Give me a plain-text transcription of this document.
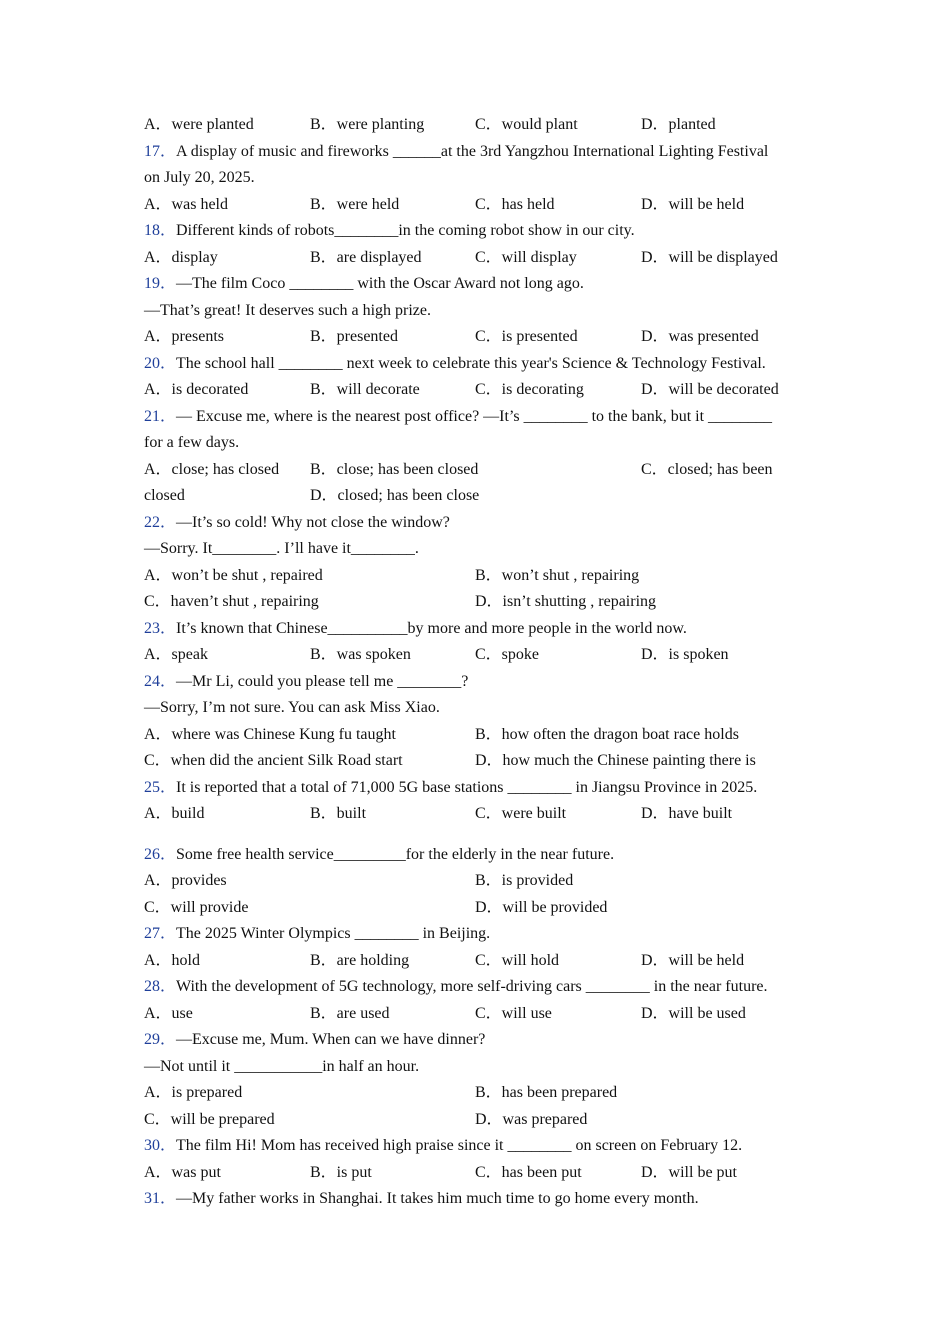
A．were planted	B．were planting	C．would plant	D．planted
17．A display of music and fireworks ______at the 3rd Yangzhou International Lighting Festival
on July 20, 2025.
A．was held	B．were held	C．has held	D．will be held
18．Different kinds of robots________in the coming robot show in our city.
A．display	B．are displayed	C．will display	D．will be displayed
19．—The film Coco ________ with the Oscar Award not long ago.
—That’s great! It deserves such a high prize.
A．presents	B．presented	C．is presented	D．was presented
20．The school hall ________ next week to celebrate this year's Science & Technology Festival.
A．is decorated	B．will decorate	C．is decorating	D．will be decorated
21．— Excuse me, where is the nearest post office? —It’s ________ to the bank, but it ________
for a few days.
A．close; has closed B．close; has been closed	C．closed; has been
closed	D．closed; has been close
22．—It’s so cold! Why not close the window?
—Sorry. It________. I’ll have it________.
A．won’t be shut , repaired	B．won’t shut , repairing
C．haven’t shut , repairing	D．isn’t shutting , repairing
23．It’s known that Chinese__________by more and more people in the world now.
A．speak	B．was spoken	C．spoke	D．is spoken
24．—Mr Li, could you please tell me ________?
—Sorry, I’m not sure. You can ask Miss Xiao.
A．where was Chinese Kung fu taught	B．how often the dragon boat race holds
C．when did the ancient Silk Road start	D．how much the Chinese painting there is
25．It is reported that a total of 71,000 5G base stations ________ in Jiangsu Province in 2025.
A．build	B．built	C．were built	D．have built
26．Some free health service_________for the elderly in the near future.
A．provides	B．is provided
C．will provide	D．will be provided
27．The 2025 Winter Olympics ________ in Beijing.
A．hold	B．are holding	C．will hold	D．will be held
28．With the development of 5G technology, more self-driving cars ________ in the near future.
A．use	B．are used	C．will use	D．will be used
29．—Excuse me, Mum. When can we have dinner?
—Not until it ___________in half an hour.
A．is prepared	B．has been prepared
C．will be prepared	D．was prepared
30．The film Hi! Mom has received high praise since it ________ on screen on February 12.
A．was put	B．is put	C．has been put	D．will be put
31．—My father works in Shanghai. It takes him much time to go home every month.
